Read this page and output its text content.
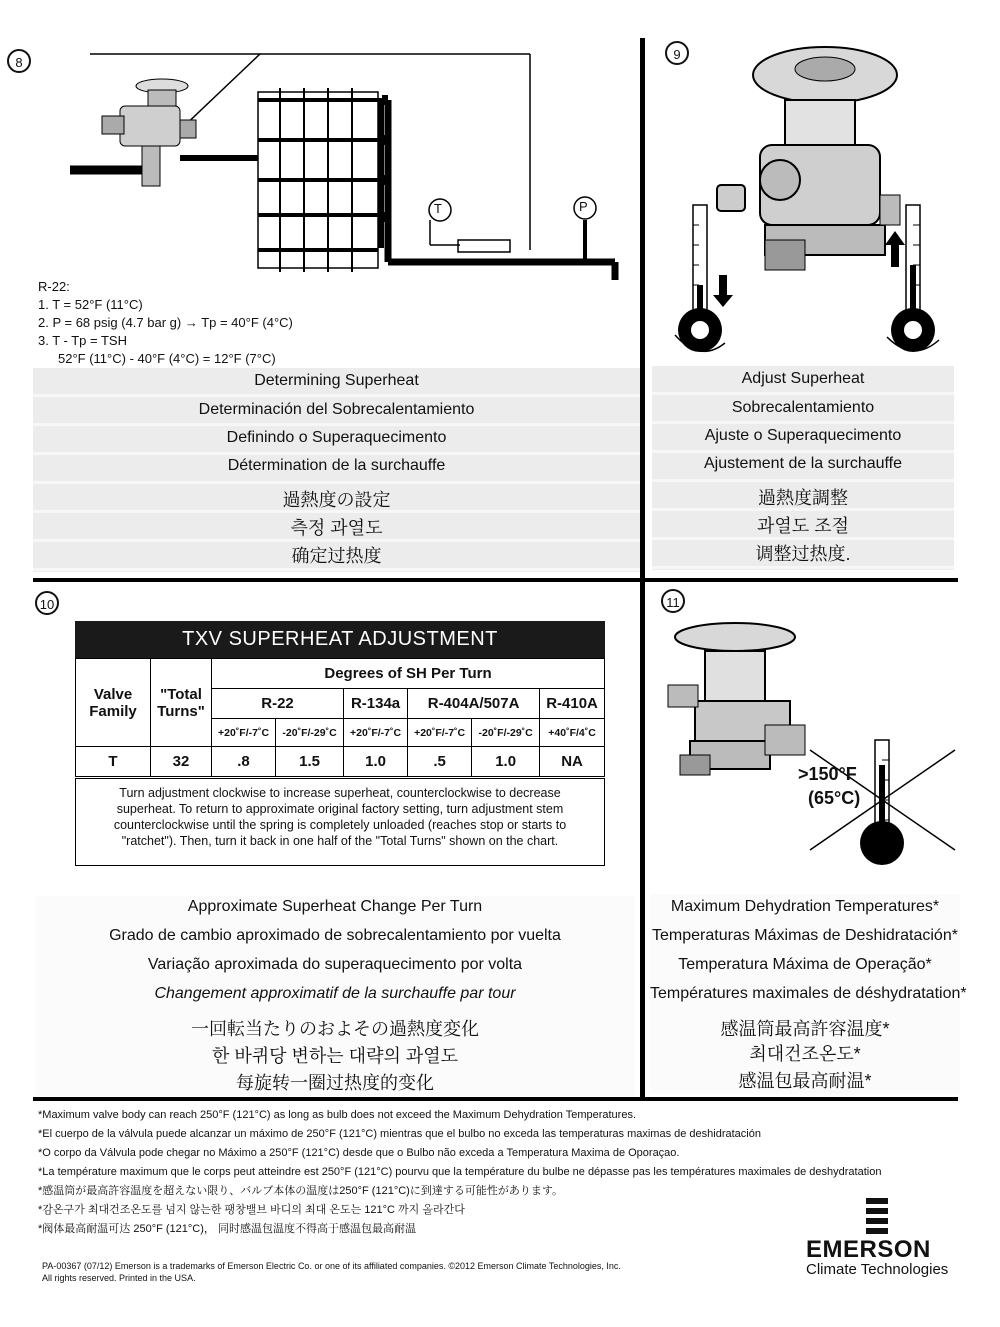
8
T	P
R-22:
1. T = 52°F (11°C)
2. P = 68 psig (4.7 bar g) → Tp = 40°F (4°C)
3. T - Tp = TSH
52°F (11°C) - 40°F (4°C) = 12°F (7°C)
Determining Superheat
Determinación del Sobrecalentamiento
Definindo o Superaquecimento
Détermination de la surchauffe
過熱度の設定
측정 과열도
确定过热度
9
Adjust Superheat
Sobrecalentamiento
Ajuste o Superaquecimento
Ajustement de la surchauffe
過熱度調整
과열도 조절
调整过热度.
10
TXV SUPERHEAT ADJUSTMENT
Valve Family	"Total Turns"	Degrees of SH Per Turn					
		R-22		R-134a	R-404A/507A		R-410A
		+20˚F/-7˚C	-20˚F/-29˚C	+20˚F/-7˚C	+20˚F/-7˚C	-20˚F/-29˚C	+40˚F/4˚C
T	32	.8	1.5	1.0	.5	1.0	NA
Turn adjustment clockwise to increase superheat, counterclockwise to decrease superheat. To return to approximate original factory setting, turn adjustment stem counterclockwise until the spring is completely unloaded (reaches stop or starts to "ratchet"). Then, turn it back in one half of the "Total Turns" shown on the chart.
Approximate Superheat Change Per Turn
Grado de cambio aproximado de sobrecalentamiento por vuelta
Variação aproximada do superaquecimento por volta
Changement approximatif de la surchauffe par tour
一回転当たりのおよその過熱度変化
한 바퀴당 변하는 대략의 과열도
每旋转一圈过热度的变化
11
>150°F
(65°C)
Maximum Dehydration Temperatures*
Temperaturas Máximas de Deshidratación*
Temperatura Máxima de Operação*
Températures maximales de déshydratation*
感温筒最高許容温度*
최대건조온도*
感温包最高耐温*
*Maximum valve body can reach 250°F (121°C) as long as bulb does not exceed the Maximum Dehydration Temperatures.
*El cuerpo de la válvula puede alcanzar un máximo de 250°F (121°C) mientras que el bulbo no exceda las temperaturas maximas de deshidratación
*O corpo da Válvula pode chegar no Máximo a 250°F (121°C) desde que o Bulbo não exceda a Temperatura Maxima de Oporaçao.
*La température maximum que le corps peut atteindre est 250°F (121°C) pourvu que la température du bulbe ne dépasse pas les températures maximales de deshydratation
*感温筒が最高許容温度を超えない限り、バルブ本体の温度は250°F (121°C)に到達する可能性があります。
*감온구가 최대건조온도를 넘지 않는한 팽창밸브 바디의 최대 온도는 121°C 까지 올라간다
*阀体最高耐温可达 250°F (121°C)， 同时感温包温度不得高于感温包最高耐温
PA-00367 (07/12) Emerson is a trademarks of Emerson Electric Co. or one of its affiliated companies. ©2012 Emerson Climate Technologies, Inc.
All rights reserved. Printed in the USA.
EMERSON
Climate Technologies
